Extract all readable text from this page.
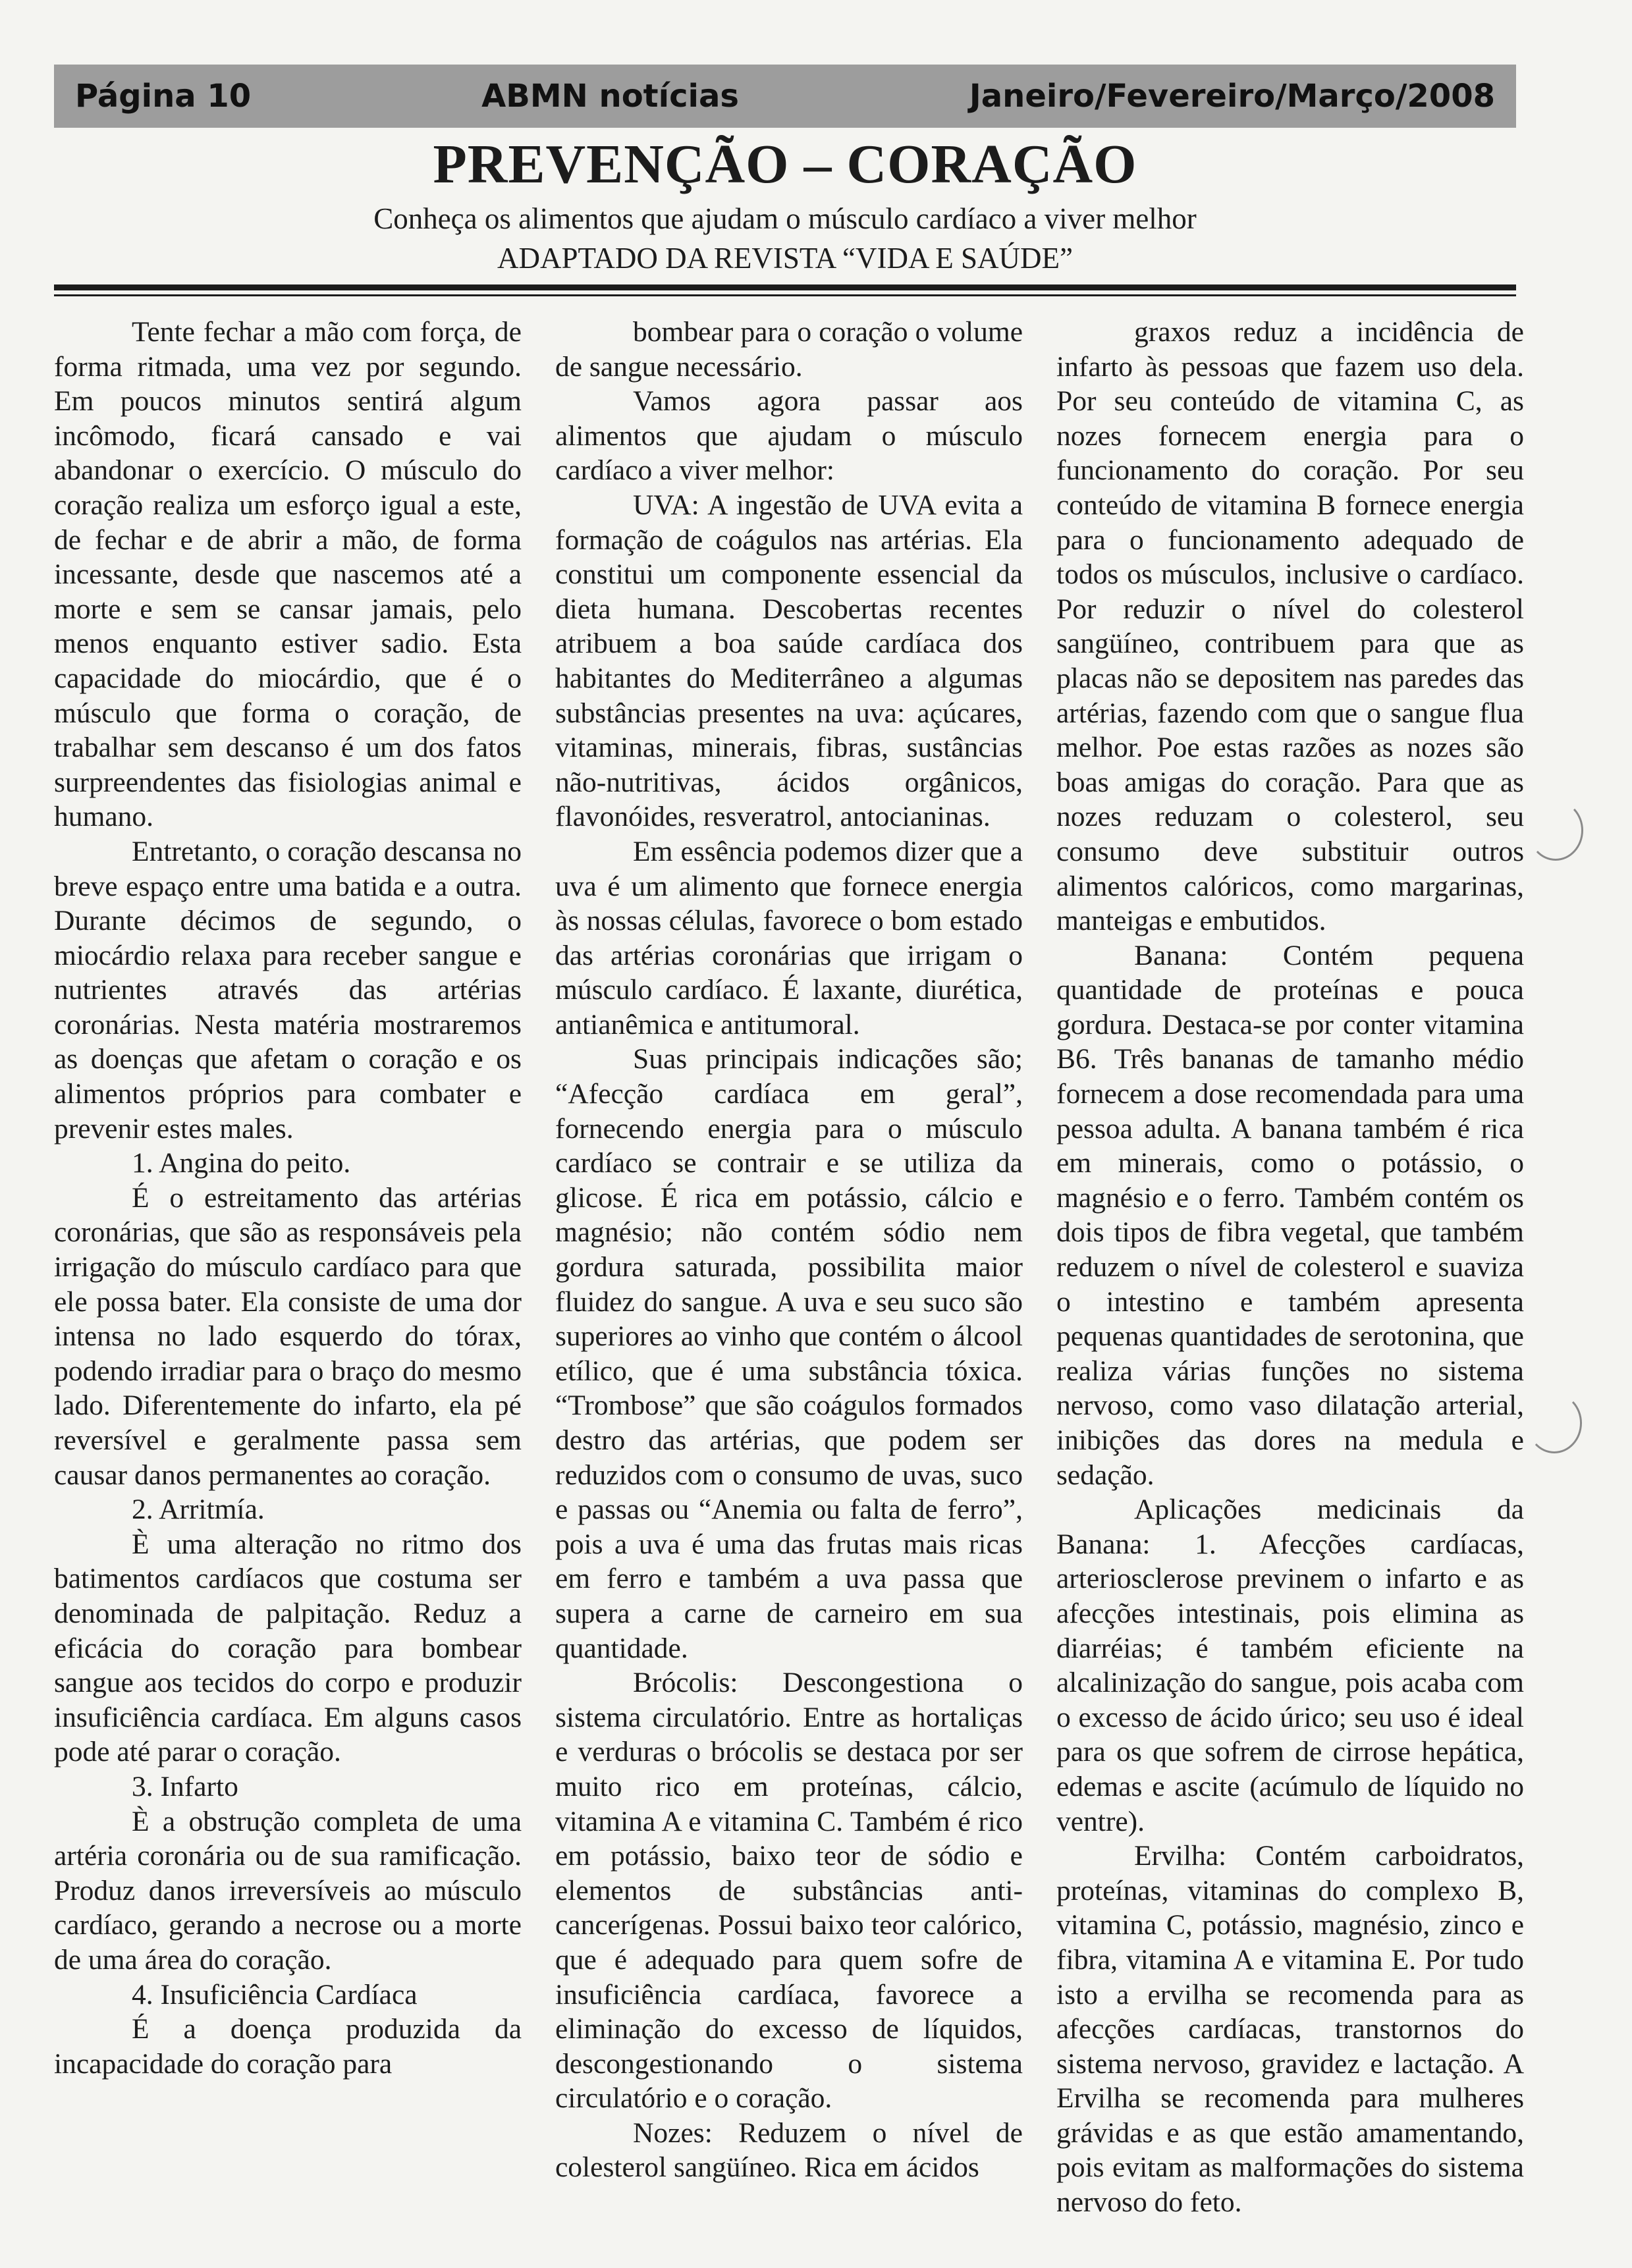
Página 10	ABMN notícias	Janeiro/Fevereiro/Março/2008
PREVENÇÃO – CORAÇÃO
Conheça os alimentos que ajudam o músculo cardíaco a viver melhor
ADAPTADO DA REVISTA “VIDA E SAÚDE”

Tente fechar a mão com força, de forma ritmada, uma vez por segundo. Em poucos minutos sentirá algum incômodo, ficará cansado e vai abandonar o exercício. O músculo do coração realiza um esforço igual a este, de fechar e de abrir a mão, de forma incessante, desde que nascemos até a morte e sem se cansar jamais, pelo menos enquanto estiver sadio. Esta capacidade do miocárdio, que é o músculo que forma o coração, de trabalhar sem descanso é um dos fatos surpreendentes das fisiologias animal e humano.

Entretanto, o coração descansa no breve espaço entre uma batida e a outra. Durante décimos de segundo, o miocárdio relaxa para receber sangue e nutrientes através das artérias coronárias. Nesta matéria mostraremos as doenças que afetam o coração e os alimentos próprios para combater e prevenir estes males.

1. Angina do peito.

É o estreitamento das artérias coronárias, que são as responsáveis pela irrigação do músculo cardíaco para que ele possa bater. Ela consiste de uma dor intensa no lado esquerdo do tórax, podendo irradiar para o braço do mesmo lado. Diferentemente do infarto, ela pé reversível e geralmente passa sem causar danos permanentes ao coração.

2. Arritmía.

È uma alteração no ritmo dos batimentos cardíacos que costuma ser denominada de palpitação. Reduz a eficácia do coração para bombear sangue aos tecidos do corpo e produzir insuficiência cardíaca. Em alguns casos pode até parar o coração.

3. Infarto

È a obstrução completa de uma artéria coronária ou de sua ramificação. Produz danos irreversíveis ao músculo cardíaco, gerando a necrose ou a morte de uma área do coração.

4. Insuficiência Cardíaca

É a doença produzida da incapacidade do coração para

bombear para o coração o volume de sangue necessário.

Vamos agora passar aos alimentos que ajudam o músculo cardíaco a viver melhor:

UVA: A ingestão de UVA evita a formação de coágulos nas artérias. Ela constitui um componente essencial da dieta humana. Descobertas recentes atribuem a boa saúde cardíaca dos habitantes do Mediterrâneo a algumas substâncias presentes na uva: açúcares, vitaminas, minerais, fibras, sustâncias não-nutritivas, ácidos orgânicos, flavonóides, resveratrol, antocianinas.

Em essência podemos dizer que a uva é um alimento que fornece energia às nossas células, favorece o bom estado das artérias coronárias que irrigam o músculo cardíaco. É laxante, diurética, antianêmica e antitumoral.

Suas principais indicações são; “Afecção cardíaca em geral”, fornecendo energia para o músculo cardíaco se contrair e se utiliza da glicose. É rica em potássio, cálcio e magnésio; não contém sódio nem gordura saturada, possibilita maior fluidez do sangue. A uva e seu suco são superiores ao vinho que contém o álcool etílico, que é uma substância tóxica. “Trombose” que são coágulos formados destro das artérias, que podem ser reduzidos com o consumo de uvas, suco e passas ou “Anemia ou falta de ferro”, pois a uva é uma das frutas mais ricas em ferro e também a uva passa que supera a carne de carneiro em sua quantidade.

Brócolis: Descongestiona o sistema circulatório. Entre as hortaliças e verduras o brócolis se destaca por ser muito rico em proteínas, cálcio, vitamina A e vitamina C. Também é rico em potássio, baixo teor de sódio e elementos de substâncias anti-cancerígenas. Possui baixo teor calórico, que é adequado para quem sofre de insuficiência cardíaca, favorece a eliminação do excesso de líquidos, descongestionando o sistema circulatório e o coração.

Nozes: Reduzem o nível de colesterol sangüíneo. Rica em ácidos

graxos reduz a incidência de infarto às pessoas que fazem uso dela. Por seu conteúdo de vitamina C, as nozes fornecem energia para o funcionamento do coração. Por seu conteúdo de vitamina B fornece energia para o funcionamento adequado de todos os músculos, inclusive o cardíaco. Por reduzir o nível do colesterol sangüíneo, contribuem para que as placas não se depositem nas paredes das artérias, fazendo com que o sangue flua melhor. Poe estas razões as nozes são boas amigas do coração. Para que as nozes reduzam o colesterol, seu consumo deve substituir outros alimentos calóricos, como margarinas, manteigas e embutidos.

Banana: Contém pequena quantidade de proteínas e pouca gordura. Destaca-se por conter vitamina B6. Três bananas de tamanho médio fornecem a dose recomendada para uma pessoa adulta. A banana também é rica em minerais, como o potássio, o magnésio e o ferro. Também contém os dois tipos de fibra vegetal, que também reduzem o nível de colesterol e suaviza o intestino e também apresenta pequenas quantidades de serotonina, que realiza várias funções no sistema nervoso, como vaso dilatação arterial, inibições das dores na medula e sedação.

Aplicações medicinais da Banana: 1. Afecções cardíacas, arteriosclerose previnem o infarto e as afecções intestinais, pois elimina as diarréias; é também eficiente na alcalinização do sangue, pois acaba com o excesso de ácido úrico; seu uso é ideal para os que sofrem de cirrose hepática, edemas e ascite (acúmulo de líquido no ventre).

Ervilha: Contém carboidratos, proteínas, vitaminas do complexo B, vitamina C, potássio, magnésio, zinco e fibra, vitamina A e vitamina E. Por tudo isto a ervilha se recomenda para as afecções cardíacas, transtornos do sistema nervoso, gravidez e lactação. A Ervilha se recomenda para mulheres grávidas e as que estão amamentando, pois evitam as malformações do sistema nervoso do feto.
